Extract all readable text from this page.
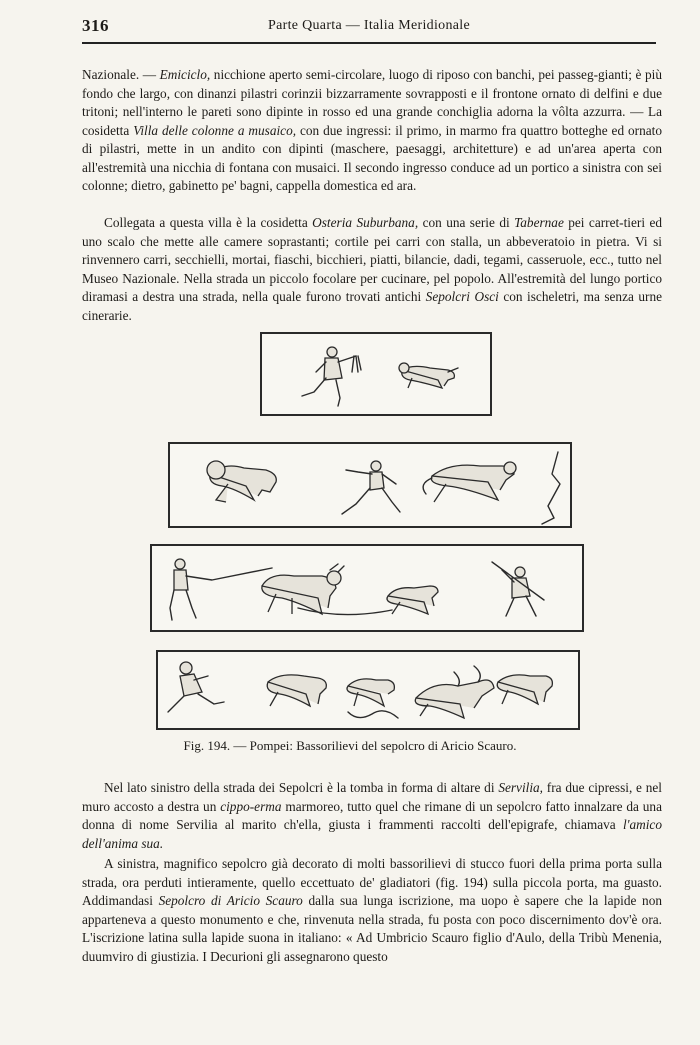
316	Parte Quarta — Italia Meridionale

Nazionale. — Emiciclo, nicchione aperto semi-circolare, luogo di riposo con banchi, pei passeg-gianti; è più fondo che largo, con dinanzi pilastri corinzii bizzarramente sovrapposti e il frontone ornato di delfini e due tritoni; nell'interno le pareti sono dipinte in rosso ed una grande conchiglia adorna la vôlta azzurra. — La cosidetta Villa delle colonne a musaico, con due ingressi: il primo, in marmo fra quattro botteghe ed ornato di pilastri, mette in un andito con dipinti (maschere, paesaggi, architetture) e ad un'area aperta con all'estremità una nicchia di fontana con musaici. Il secondo ingresso conduce ad un portico a sinistra con sei colonne; dietro, gabinetto pe' bagni, cappella domestica ed ara.

Collegata a questa villa è la cosidetta Osteria Suburbana, con una serie di Tabernae pei carret-tieri ed uno scalo che mette alle camere soprastanti; cortile pei carri con stalla, un abbeveratoio in pietra. Vi si rinvennero carri, secchielli, mortai, fiaschi, bicchieri, piatti, bilancie, dadi, tegami, casseruole, ecc., tutto nel Museo Nazionale. Nella strada un piccolo focolare per cucinare, pel popolo. All'estremità del lungo portico diramasi a destra una strada, nella quale furono trovati antichi Sepolcri Osci con ischeletri, ma senza urne cinerarie.

Fig. 194. — Pompei: Bassorilievi del sepolcro di Aricio Scauro.

Nel lato sinistro della strada dei Sepolcri è la tomba in forma di altare di Servilia, fra due cipressi, e nel muro accosto a destra un cippo-erma marmoreo, tutto quel che rimane di un sepolcro fatto innalzare da una donna di nome Servilia al marito ch'ella, giusta i frammenti raccolti dell'epigrafe, chiamava l'amico dell'anima sua.

A sinistra, magnifico sepolcro già decorato di molti bassorilievi di stucco fuori della prima porta sulla strada, ora perduti intieramente, quello eccettuato de' gladiatori (fig. 194) sulla piccola porta, ma guasto. Addimandasi Sepolcro di Aricio Scauro dalla sua lunga iscrizione, ma uopo è sapere che la lapide non apparteneva a questo monumento e che, rinvenuta nella strada, fu posta con poco discernimento dov'è ora. L'iscrizione latina sulla lapide suona in italiano: « Ad Umbricio Scauro figlio d'Aulo, della Tribù Menenia, duumviro di giustizia. I Decurioni gli assegnarono questo
